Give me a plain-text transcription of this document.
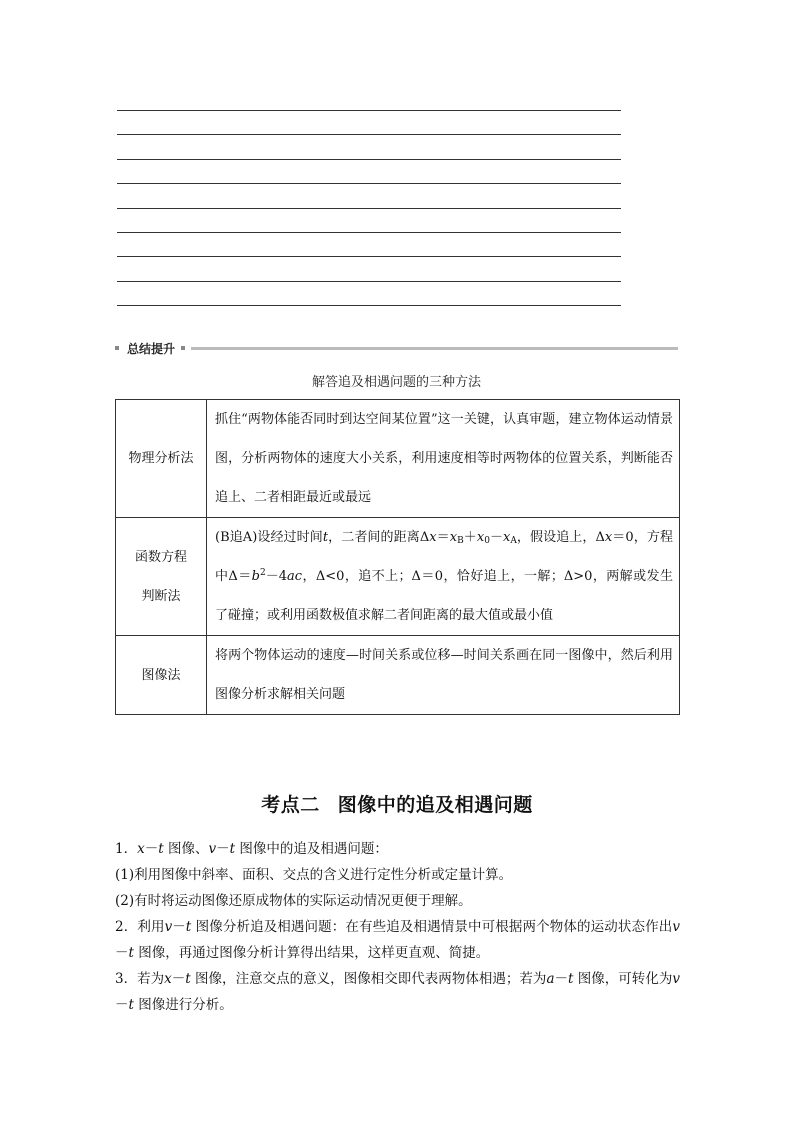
总结提升
解答追及相遇问题的三种方法
物理分析法	抓住“两物体能否同时到达空间某位置”这一关键，认真审题，建立物体运动情景图，分析两物体的速度大小关系，利用速度相等时两物体的位置关系，判断能否追上、二者相距最近或最远

函数方程
判断法	(B追A)设经过时间t，二者间的距离$\Delta x=x_B+x_0-x_A$，假设追上，Δx＝0，方程中$\Delta=b^2-4ac$，Δ<0，追不上；Δ＝0，恰好追上，一解；Δ>0，两解或发生了碰撞；或利用函数极值求解二者间距离的最大值或最小值

图像法	将两个物体运动的速度—时间关系或位移—时间关系画在同一图像中，然后利用图像分析求解相关问题
考点二 图像中的追及相遇问题

1．x－t 图像、v－t 图像中的追及相遇问题：

(1)利用图像中斜率、面积、交点的含义进行定性分析或定量计算。

(2)有时将运动图像还原成物体的实际运动情况更便于理解。

2．利用v－t 图像分析追及相遇问题：在有些追及相遇情景中可根据两个物体的运动状态作出v－t 图像，再通过图像分析计算得出结果，这样更直观、简捷。

3．若为x－t 图像，注意交点的意义，图像相交即代表两物体相遇；若为a－t 图像，可转化为v－t 图像进行分析。
